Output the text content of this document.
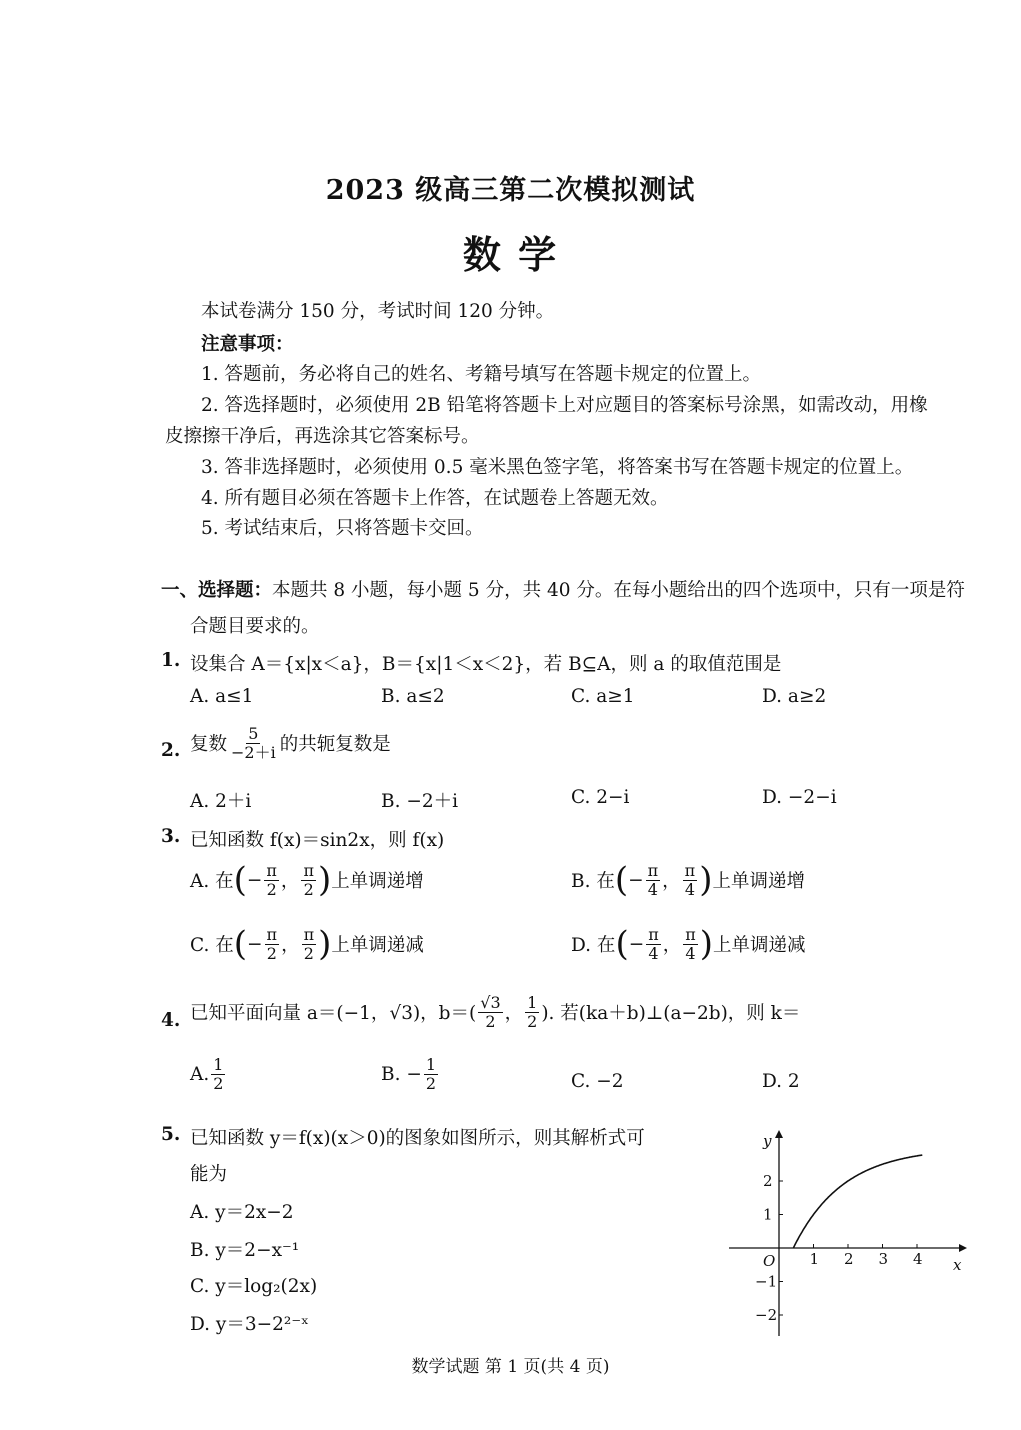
2023 级高三第二次模拟测试
数 学
本试卷满分 150 分，考试时间 120 分钟。
注意事项：
1. 答题前，务必将自己的姓名、考籍号填写在答题卡规定的位置上。
2. 答选择题时，必须使用 2B 铅笔将答题卡上对应题目的答案标号涂黑，如需改动，用橡
皮擦擦干净后，再选涂其它答案标号。
3. 答非选择题时，必须使用 0.5 毫米黑色签字笔，将答案书写在答题卡规定的位置上。
4. 所有题目必须在答题卡上作答，在试题卷上答题无效。
5. 考试结束后，只将答题卡交回。
一、选择题：本题共 8 小题，每小题 5 分，共 40 分。在每小题给出的四个选项中，只有一项是符
合题目要求的。
1. 设集合 A＝{x|x＜a}，B＝{x|1＜x＜2}，若 B⊆A，则 a 的取值范围是
A. a≤1	B. a≤2	C. a≥1	D. a≥2
2. 复数 $\frac{5}{-2+i}$ 的共轭复数是
A. 2＋i	B. −2＋i	C. 2−i	D. −2−i
3. 已知函数 f(x)＝sin2x，则 f(x)
A. 在 ( − $\frac{\pi}{2}$ ， $\frac{\pi}{2}$ ) 上单调递增	B. 在 ( − $\frac{\pi}{4}$ ， $\frac{\pi}{4}$ ) 上单调递增
C. 在 ( − $\frac{\pi}{2}$ ， $\frac{\pi}{2}$ ) 上单调递减	D. 在 ( − $\frac{\pi}{4}$ ， $\frac{\pi}{4}$ ) 上单调递减
4. 已知平面向量 a＝(−1，√3)，$b=( \frac{√3}{2}$ ， $\frac{1}{2}$ ). 若(ka＋b)⊥(a−2b)，则 k＝
A. $\frac{1}{2}$	B. − $\frac{1}{2}$	C. −2	D. 2
5. 已知函数 y＝f(x)(x＞0)的图象如图所示，则其解析式可
能为
A. y＝2x−2
B. y＝2−x⁻¹
C. y＝log₂(2x)
D. y＝3−2²⁻ˣ
y
x
O 1 2 3 4
2
1
−1
−2
数学试题 第 1 页(共 4 页)
